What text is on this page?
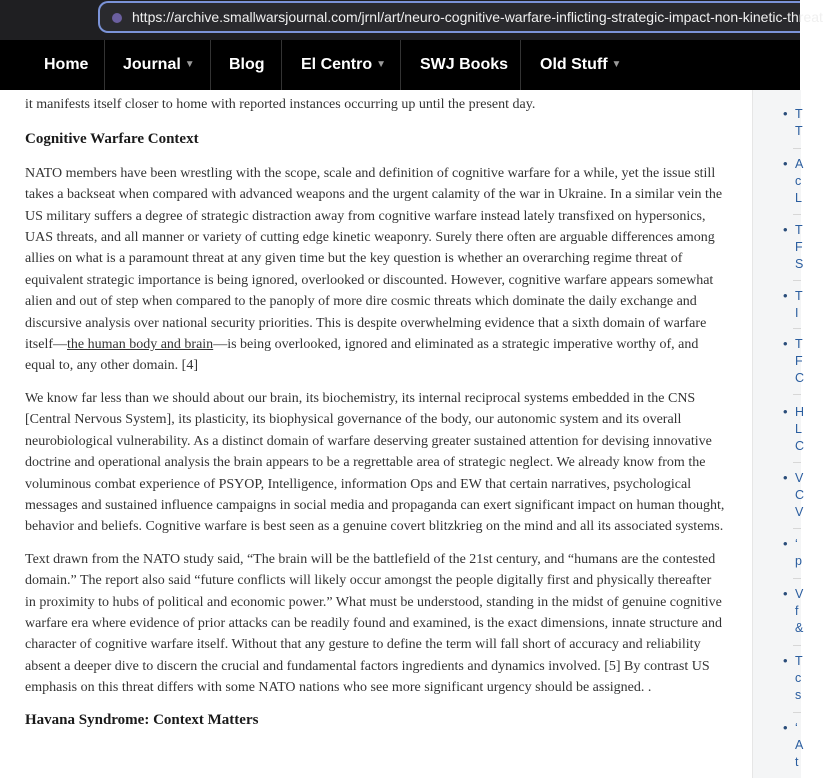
https://archive.smallwarsjournal.com/jrnl/art/neuro-cognitive-warfare-inflicting-strategic-impact-non-kinetic-threat
Home Journal ▼ Blog El Centro ▼ SWJ Books Old Stuff ▼

it manifests itself closer to home with reported instances occurring up until the present day.

Cognitive Warfare Context

NATO members have been wrestling with the scope, scale and definition of cognitive warfare for a while, yet the issue still takes a backseat when compared with advanced weapons and the urgent calamity of the war in Ukraine. In a similar vein the US military suffers a degree of strategic distraction away from cognitive warfare instead lately transfixed on hypersonics, UAS threats, and all manner or variety of cutting edge kinetic weaponry. Surely there often are arguable differences among allies on what is a paramount threat at any given time but the key question is whether an overarching regime threat of equivalent strategic importance is being ignored, overlooked or discounted. However, cognitive warfare appears somewhat alien and out of step when compared to the panoply of more dire cosmic threats which dominate the daily exchange and discursive analysis over national security priorities. This is despite overwhelming evidence that a sixth domain of warfare itself—the human body and brain—is being overlooked, ignored and eliminated as a strategic imperative worthy of, and equal to, any other domain. [4]

We know far less than we should about our brain, its biochemistry, its internal reciprocal systems embedded in the CNS [Central Nervous System], its plasticity, its biophysical governance of the body, our autonomic system and its overall neurobiological vulnerability. As a distinct domain of warfare deserving greater sustained attention for devising innovative doctrine and operational analysis the brain appears to be a regrettable area of strategic neglect. We already know from the voluminous combat experience of PSYOP, Intelligence, information Ops and EW that certain narratives, psychological messages and sustained influence campaigns in social media and propaganda can exert significant impact on human thought, behavior and beliefs. Cognitive warfare is best seen as a genuine covert blitzkrieg on the mind and all its associated systems.

Text drawn from the NATO study said, “The brain will be the battlefield of the 21st century, and “humans are the contested domain.” The report also said “future conflicts will likely occur amongst the people digitally first and physically thereafter in proximity to hubs of political and economic power.” What must be understood, standing in the midst of genuine cognitive warfare era where evidence of prior attacks can be readily found and examined, is the exact dimensions, innate structure and character of cognitive warfare itself. Without that any gesture to define the term will fall short of accuracy and reliability absent a deeper dive to discern the crucial and fundamental factors ingredients and dynamics involved. [5] By contrast US emphasis on this threat differs with some NATO nations who see more significant urgency should be assigned. .

Havana Syndrome: Context Matters

• T
T
• A
c
L
• T
F
S
• T
I
• T
F
C
• H
L
C
• V
C
V
• ‘
p
• V
f
&
• T
c
s
• ‘
A
t
